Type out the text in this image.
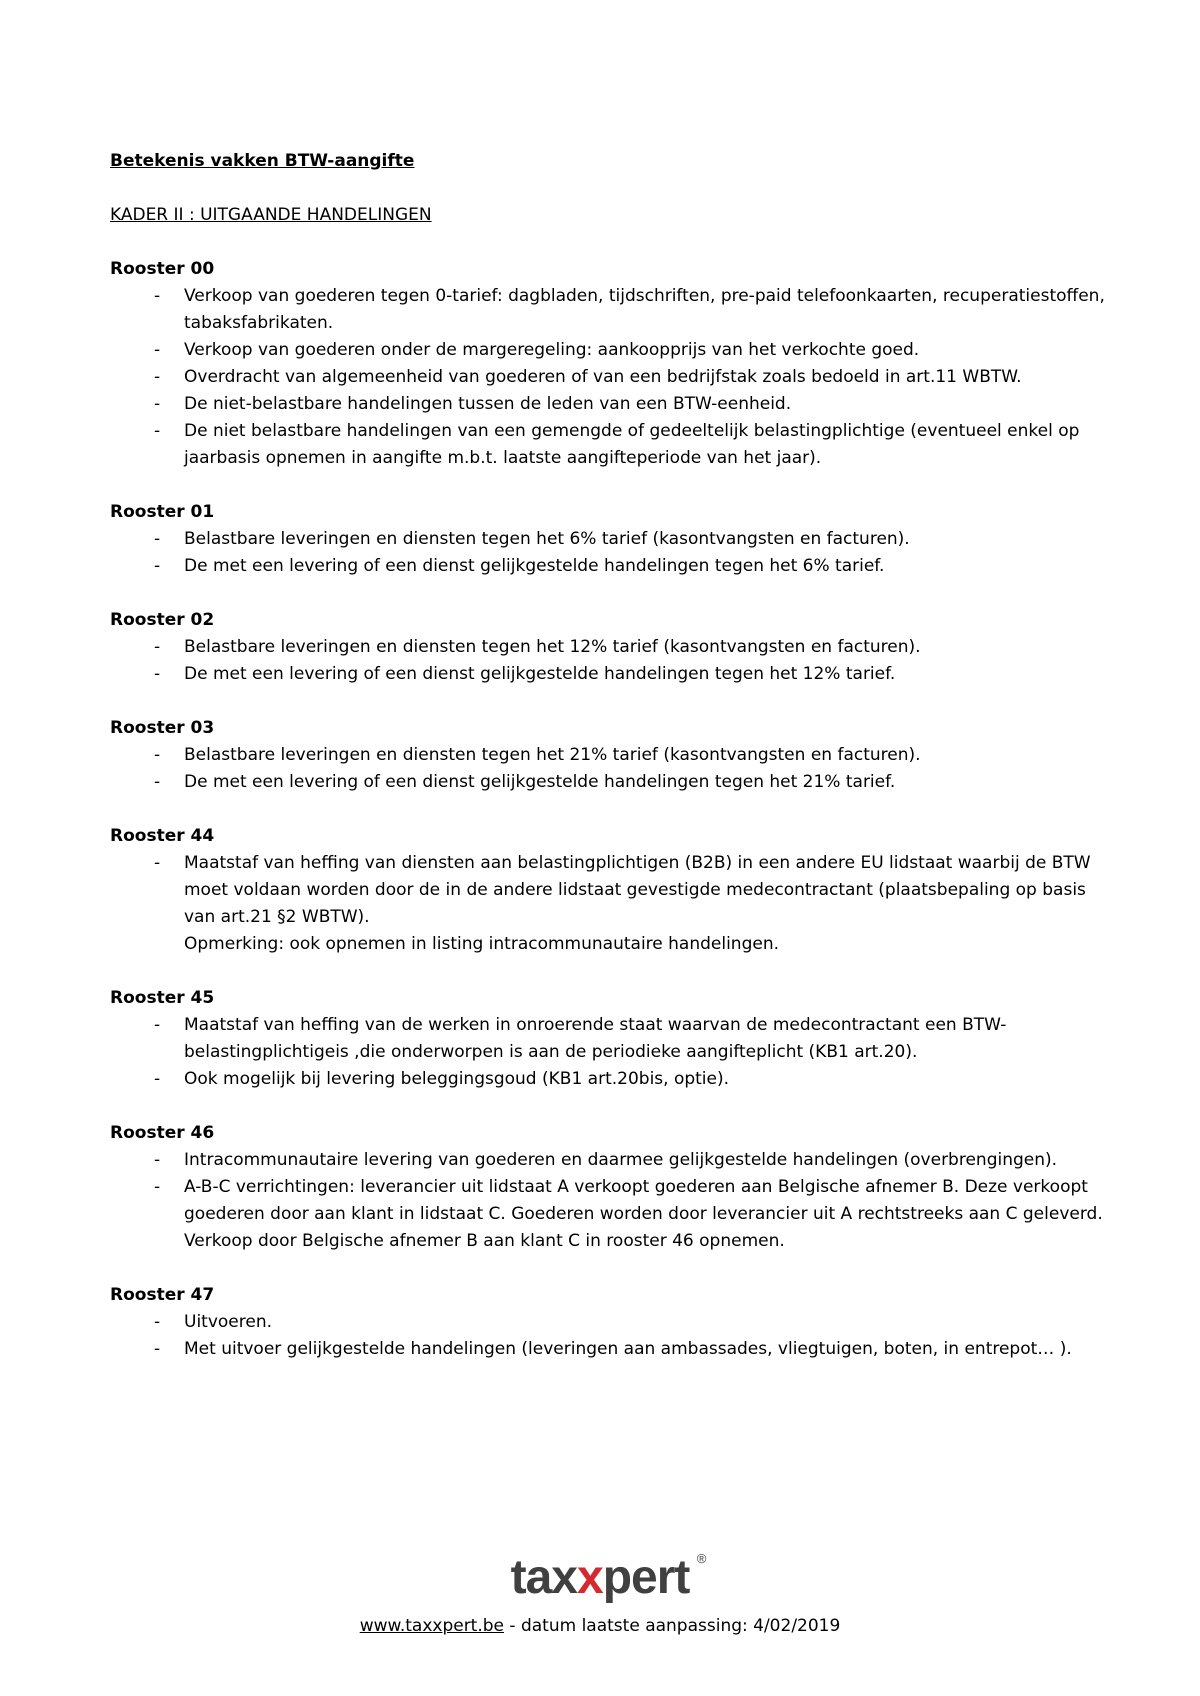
Betekenis vakken BTW-aangifte
KADER II : UITGAANDE HANDELINGEN
Rooster 00
- Verkoop van goederen tegen 0-tarief: dagbladen, tijdschriften, pre-paid telefoonkaarten, recuperatiestoffen, tabaksfabrikaten.
- Verkoop van goederen onder de margeregeling: aankoopprijs van het verkochte goed.
- Overdracht van algemeenheid van goederen of van een bedrijfstak zoals bedoeld in art.11 WBTW.
- De niet-belastbare handelingen tussen de leden van een BTW-eenheid.
- De niet belastbare handelingen van een gemengde of gedeeltelijk belastingplichtige (eventueel enkel op jaarbasis opnemen in aangifte m.b.t. laatste aangifteperiode van het jaar).
Rooster 01
- Belastbare leveringen en diensten tegen het 6% tarief (kasontvangsten en facturen).
- De met een levering of een dienst gelijkgestelde handelingen tegen het 6% tarief.
Rooster 02
- Belastbare leveringen en diensten tegen het 12% tarief (kasontvangsten en facturen).
- De met een levering of een dienst gelijkgestelde handelingen tegen het 12% tarief.
Rooster 03
- Belastbare leveringen en diensten tegen het 21% tarief (kasontvangsten en facturen).
- De met een levering of een dienst gelijkgestelde handelingen tegen het 21% tarief.
Rooster 44
- Maatstaf van heffing van diensten aan belastingplichtigen (B2B) in een andere EU lidstaat waarbij de BTW moet voldaan worden door de in de andere lidstaat gevestigde medecontractant (plaatsbepaling op basis van art.21 §2 WBTW).
Opmerking: ook opnemen in listing intracommunautaire handelingen.
Rooster 45
- Maatstaf van heffing van de werken in onroerende staat waarvan de medecontractant een BTW-belastingplichtigeis ,die onderworpen is aan de periodieke aangifteplicht (KB1 art.20).
- Ook mogelijk bij levering beleggingsgoud (KB1 art.20bis, optie).
Rooster 46
- Intracommunautaire levering van goederen en daarmee gelijkgestelde handelingen (overbrengingen).
- A-B-C verrichtingen: leverancier uit lidstaat A verkoopt goederen aan Belgische afnemer B. Deze verkoopt goederen door aan klant in lidstaat C. Goederen worden door leverancier uit A rechtstreeks aan C geleverd. Verkoop door Belgische afnemer B aan klant C in rooster 46 opnemen.
Rooster 47
- Uitvoeren.
- Met uitvoer gelijkgestelde handelingen (leveringen aan ambassades, vliegtuigen, boten, in entrepot… ).
taxxpert ®
www.taxxpert.be - datum laatste aanpassing: 4/02/2019
